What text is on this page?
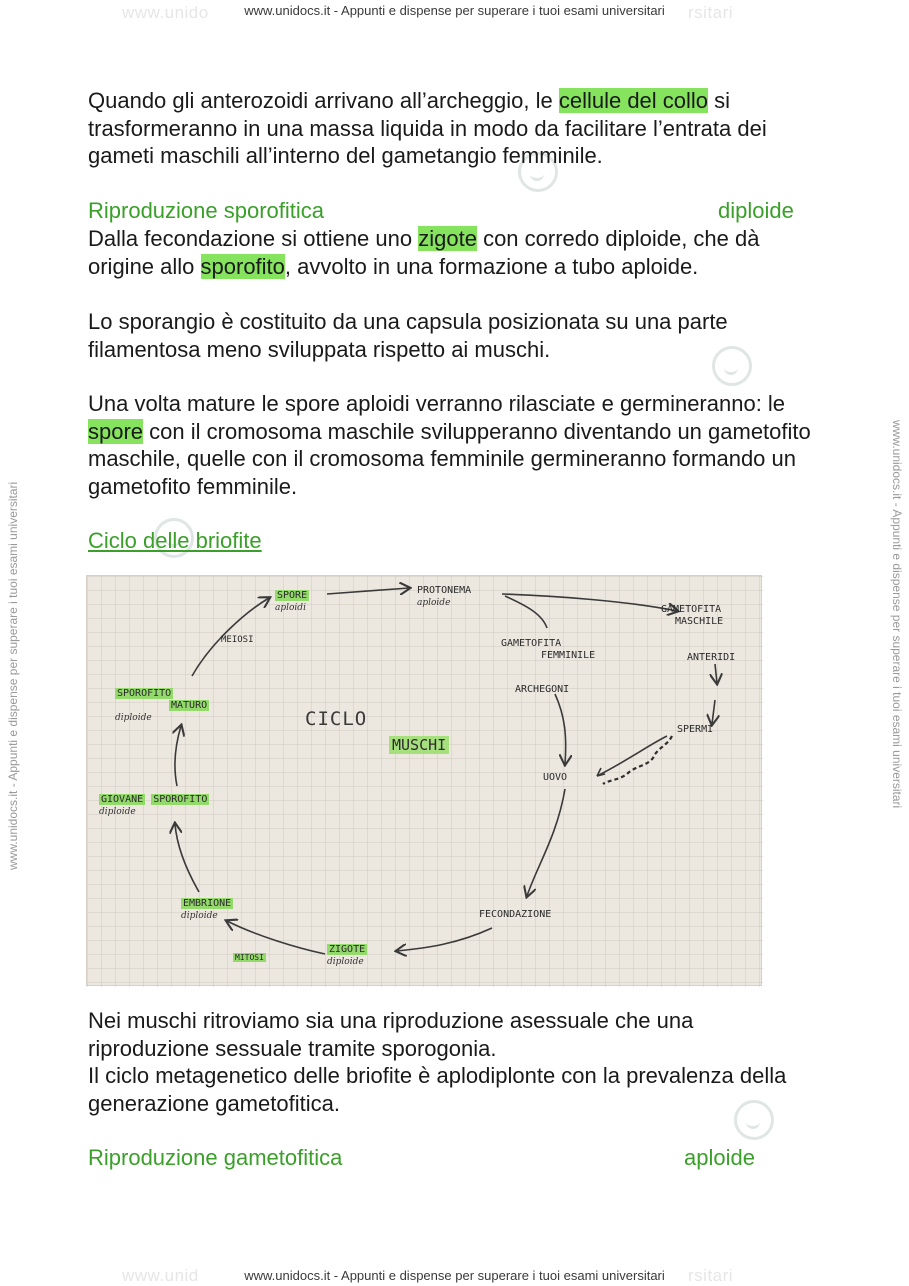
www.unido	rsitari
www.unidocs.it - Appunti e dispense per superare i tuoi esami universitari
www.unidocs.it - Appunti e dispense per superare i tuoi esami universitari	www.unidocs.it - Appunti e dispense per superare i tuoi esami universitari
Quando gli anterozoidi arrivano all’archeggio, le cellule del collo si trasformeranno in una massa liquida in modo da facilitare l’entrata dei gameti maschili all’interno del gametangio femminile.
Riproduzione sporofitica	diploide
Dalla fecondazione si ottiene uno zigote con corredo diploide, che dà origine allo sporofito, avvolto in una formazione a tubo aploide.
Lo sporangio è costituito da una capsula posizionata su una parte filamentosa meno sviluppata rispetto ai muschi.
Una volta mature le spore aploidi verranno rilasciate e germineranno: le spore con il cromosoma maschile svilupperanno diventando un gametofito maschile, quelle con il cromosoma femminile germineranno formando un gametofito femminile.
Ciclo delle briofite
CICLO
MUSCHI
SPORE
aploidi
PROTONEMA
aploide
GAMETOFITA
MASCHILE
ANTERIDI
SPERMI
GAMETOFITA
FEMMINILE
ARCHEGONI
UOVO
FECONDAZIONE
ZIGOTE
diploide
MITOSI
EMBRIONE
diploide
GIOVANE SPOROFITO
diploide
SPOROFITO
MATURO
diploide
MEIOSI
Nei muschi ritroviamo sia una riproduzione asessuale che una riproduzione sessuale tramite sporogonia.
Il ciclo metagenetico delle briofite è aplodiplonte con la prevalenza della generazione gametofitica.
Riproduzione gametofitica	aploide
www.unid	rsitari
www.unidocs.it - Appunti e dispense per superare i tuoi esami universitari
